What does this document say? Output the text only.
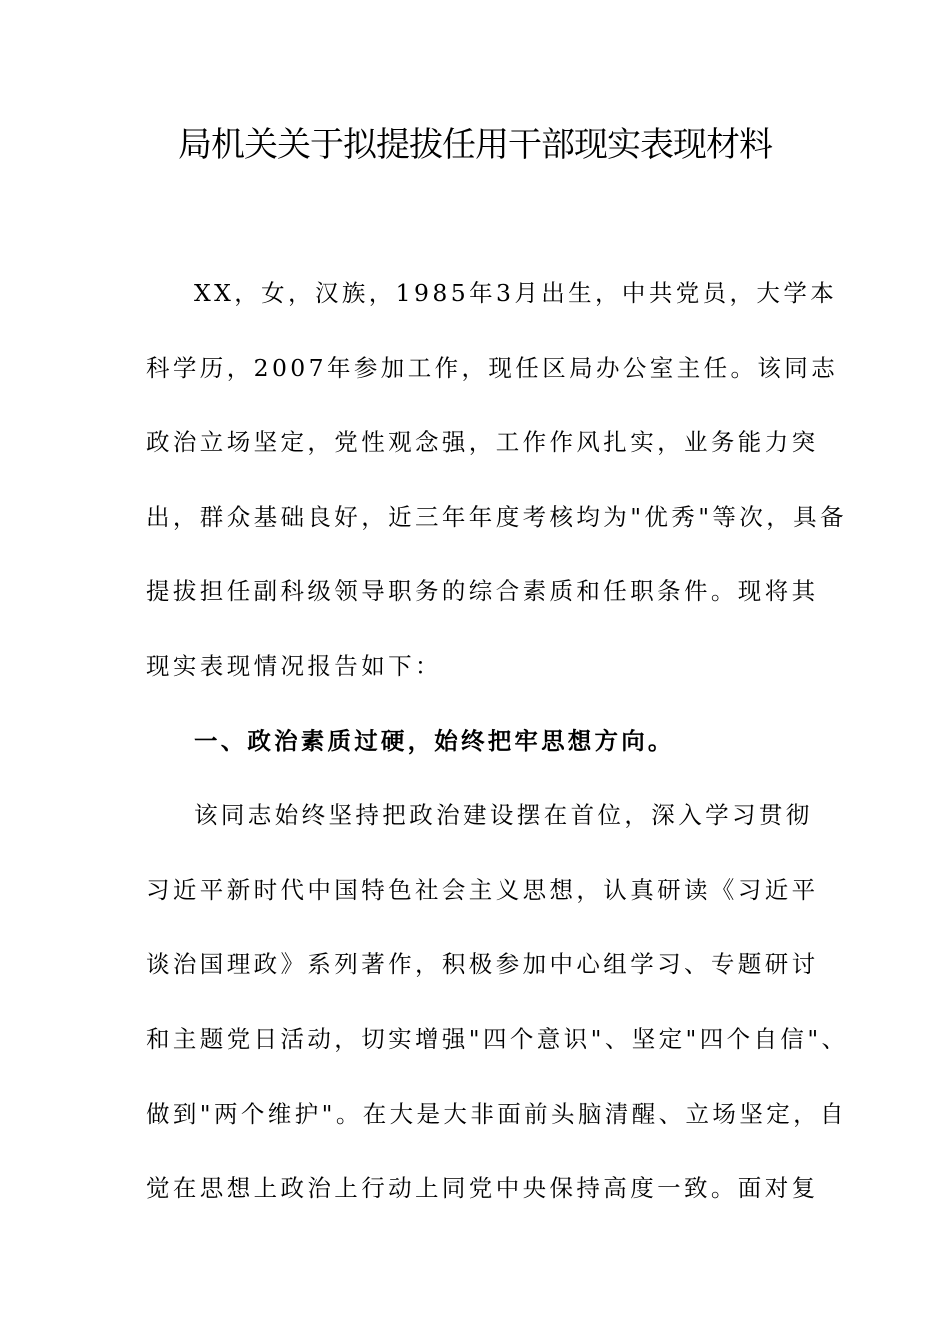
局机关关于拟提拔任用干部现实表现材料
XX，女，汉族，1985年3月出生，中共党员，大学本
科学历，2007年参加工作，现任区局办公室主任。该同志
政治立场坚定，党性观念强，工作作风扎实，业务能力突
出，群众基础良好，近三年年度考核均为"优秀"等次，具备
提拔担任副科级领导职务的综合素质和任职条件。现将其
现实表现情况报告如下：
一、政治素质过硬，始终把牢思想方向。
该同志始终坚持把政治建设摆在首位，深入学习贯彻
习近平新时代中国特色社会主义思想，认真研读《习近平
谈治国理政》系列著作，积极参加中心组学习、专题研讨
和主题党日活动，切实增强"四个意识"、坚定"四个自信"、
做到"两个维护"。在大是大非面前头脑清醒、立场坚定，自
觉在思想上政治上行动上同党中央保持高度一致。面对复
